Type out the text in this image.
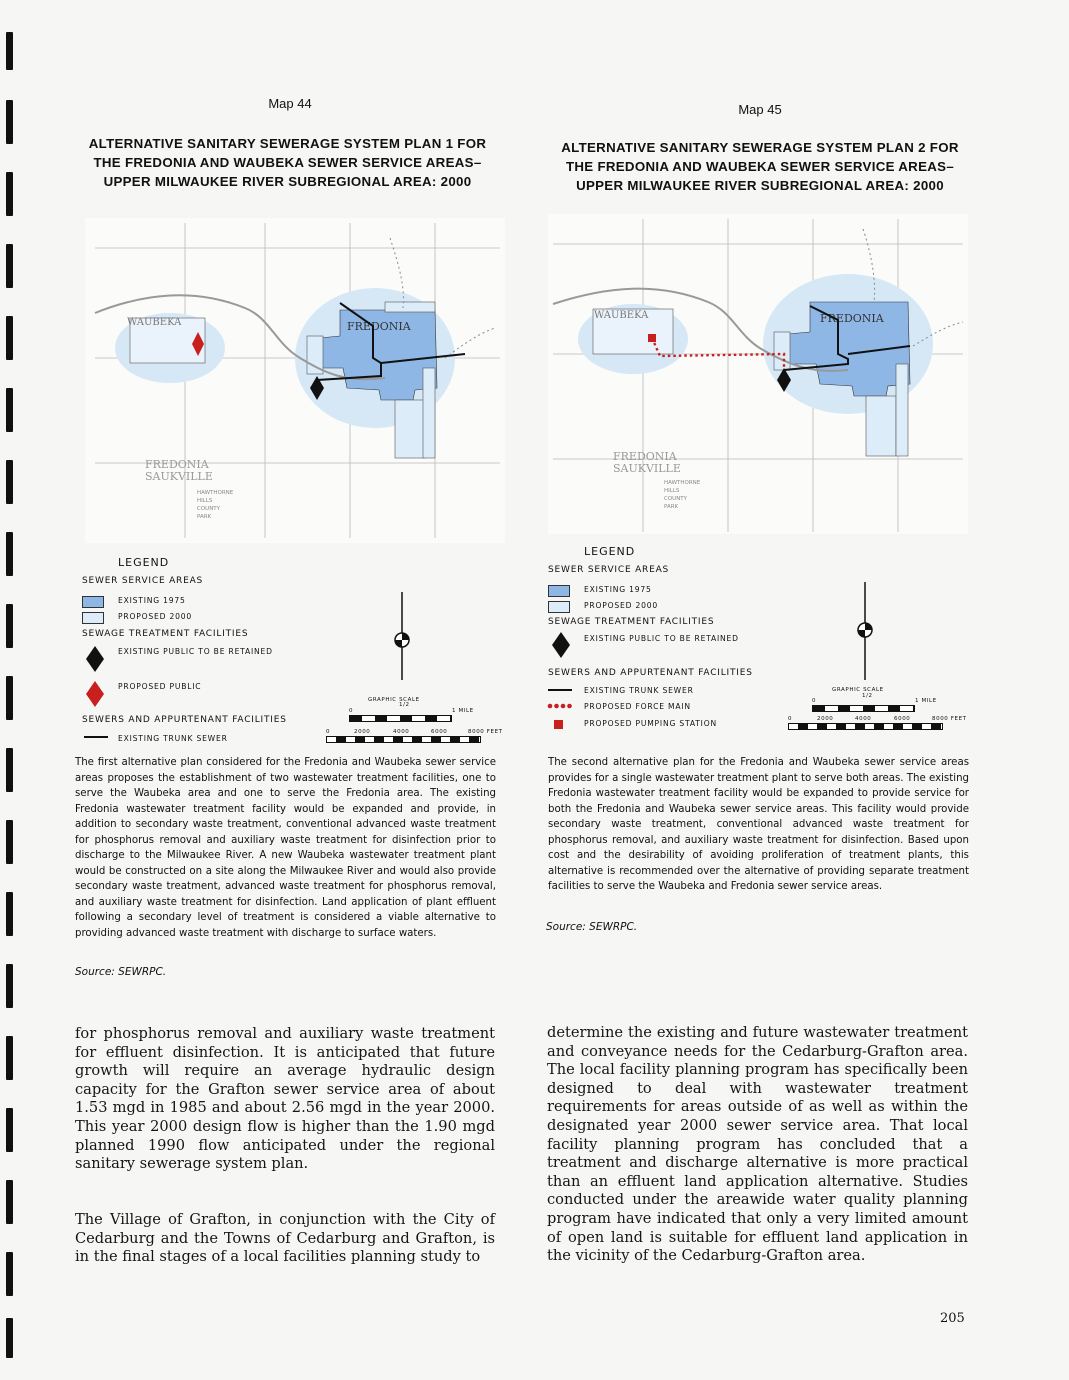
Map 44
ALTERNATIVE SANITARY SEWERAGE SYSTEM PLAN 1 FOR
THE FREDONIA AND WAUBEKA SEWER SERVICE AREAS–
UPPER MILWAUKEE RIVER SUBREGIONAL AREA: 2000
WAUBEKA	FREDONIA
FREDONIA
SAUKVILLE
HAWTHORNE
HILLS
COUNTY
PARK
LEGEND
SEWER SERVICE AREAS
EXISTING 1975
PROPOSED 2000
SEWAGE TREATMENT FACILITIES
EXISTING PUBLIC TO BE RETAINED
PROPOSED PUBLIC
SEWERS AND APPURTENANT FACILITIES
EXISTING TRUNK SEWER
GRAPHIC SCALE
0
1/2
1 MILE
0	2000	4000	6000	8000 FEET
The first alternative plan considered for the Fredonia and Waubeka sewer service areas proposes the establishment of two wastewater treatment facilities, one to serve the Waubeka area and one to serve the Fredonia area. The existing Fredonia wastewater treatment facility would be expanded and provide, in addition to secondary waste treatment, conventional advanced waste treatment for phosphorus removal and auxiliary waste treatment for disinfection prior to discharge to the Milwaukee River. A new Waubeka wastewater treatment plant would be constructed on a site along the Milwaukee River and would also provide secondary waste treatment, advanced waste treatment for phosphorus removal, and auxiliary waste treatment for disinfection. Land application of plant effluent following a secondary level of treatment is considered a viable alternative to providing advanced waste treatment with discharge to surface waters.
Source: SEWRPC.
Map 45
ALTERNATIVE SANITARY SEWERAGE SYSTEM PLAN 2 FOR
THE FREDONIA AND WAUBEKA SEWER SERVICE AREAS–
UPPER MILWAUKEE RIVER SUBREGIONAL AREA: 2000
WAUBEKA	FREDONIA
FREDONIA
SAUKVILLE
HAWTHORNE
HILLS
COUNTY
PARK
LEGEND
SEWER SERVICE AREAS
EXISTING 1975
PROPOSED 2000
SEWAGE TREATMENT FACILITIES
EXISTING PUBLIC TO BE RETAINED
SEWERS AND APPURTENANT FACILITIES
EXISTING TRUNK SEWER
PROPOSED FORCE MAIN
PROPOSED PUMPING STATION
GRAPHIC SCALE
0
1/2
1 MILE
0	2000	4000	6000	8000 FEET
The second alternative plan for the Fredonia and Waubeka sewer service areas provides for a single wastewater treatment plant to serve both areas. The existing Fredonia wastewater treatment facility would be expanded to provide service for both the Fredonia and Waubeka sewer service areas. This facility would provide secondary waste treatment, conventional advanced waste treatment for phosphorus removal, and auxiliary waste treatment for disinfection. Based upon cost and the desirability of avoiding proliferation of treatment plants, this alternative is recommended over the alternative of providing separate treatment facilities to serve the Waubeka and Fredonia sewer service areas.
Source: SEWRPC.
for phosphorus removal and auxiliary waste treatment for effluent disinfection. It is anticipated that future growth will require an average hydraulic design capacity for the Grafton sewer service area of about 1.53 mgd in 1985 and about 2.56 mgd in the year 2000. This year 2000 design flow is higher than the 1.90 mgd planned 1990 flow anticipated under the regional sanitary sewerage system plan.
The Village of Grafton, in conjunction with the City of Cedarburg and the Towns of Cedarburg and Grafton, is in the final stages of a local facilities planning study to
determine the existing and future wastewater treatment and conveyance needs for the Cedarburg-Grafton area. The local facility planning program has specifically been designed to deal with wastewater treatment requirements for areas outside of as well as within the designated year 2000 sewer service area. That local facility planning program has concluded that a treatment and discharge alternative is more practical than an effluent land application alternative. Studies conducted under the areawide water quality planning program have indicated that only a very limited amount of open land is suitable for effluent land application in the vicinity of the Cedarburg-Grafton area.
205
